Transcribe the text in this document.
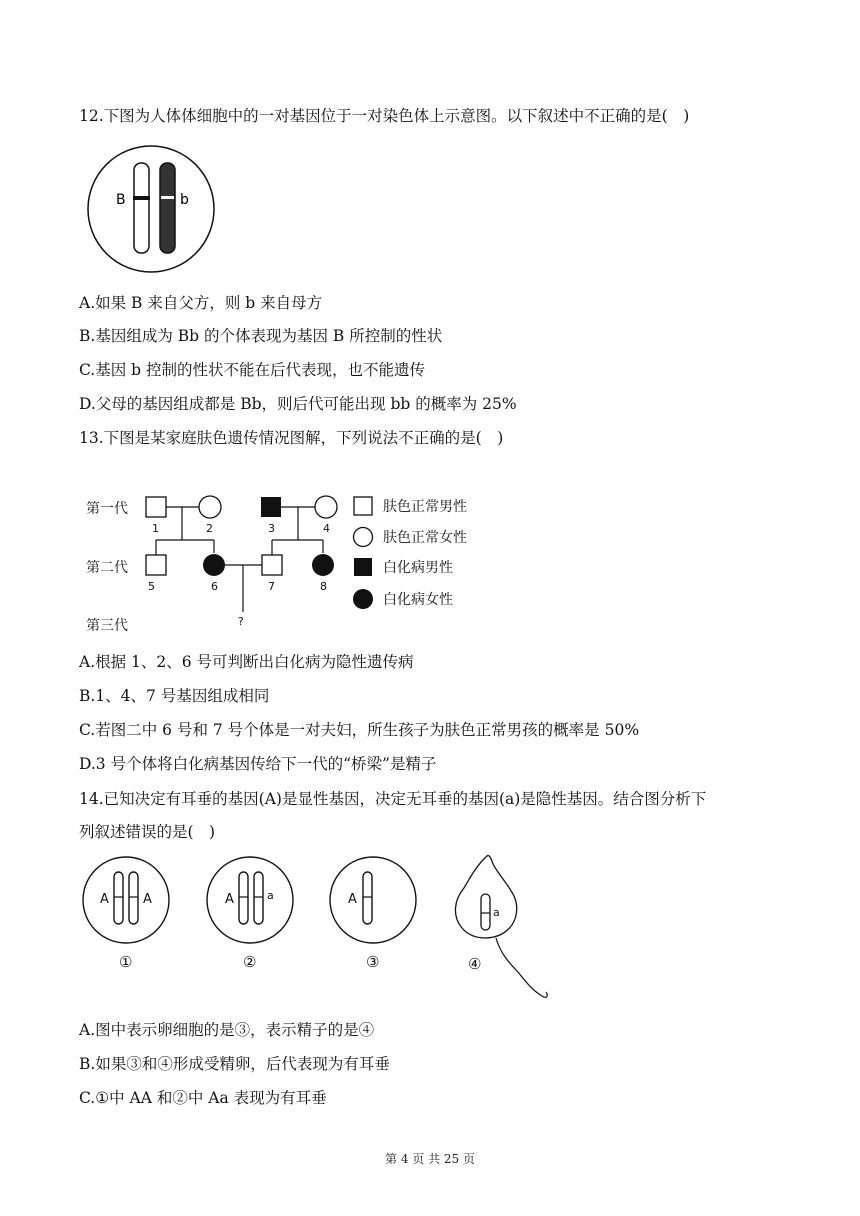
12.下图为人体体细胞中的一对基因位于一对染色体上示意图。以下叙述中不正确的是(　)
B	b
A.如果 B 来自父方，则 b 来自母方
B.基因组成为 Bb 的个体表现为基因 B 所控制的性状
C.基因 b 控制的性状不能在后代表现，也不能遗传
D.父母的基因组成都是 Bb，则后代可能出现 bb 的概率为 25%
13.下图是某家庭肤色遗传情况图解，下列说法不正确的是(　)
第一代
第二代
第三代
1	2	3	4
5	6	7	8
?
肤色正常男性
肤色正常女性
白化病男性
白化病女性
A.根据 1、2、6 号可判断出白化病为隐性遗传病
B.1、4、7 号基因组成相同
C.若图二中 6 号和 7 号个体是一对夫妇，所生孩子为肤色正常男孩的概率是 50%
D.3 号个体将白化病基因传给下一代的“桥梁”是精子
14.已知决定有耳垂的基因(A)是显性基因，决定无耳垂的基因(a)是隐性基因。结合图分析下
列叙述错误的是(　)
A	A
①
A	a
②
A
③
a
④
A.图中表示卵细胞的是③，表示精子的是④
B.如果③和④形成受精卵，后代表现为有耳垂
C.①中 AA 和②中 Aa 表现为有耳垂
第 4 页 共 25 页
